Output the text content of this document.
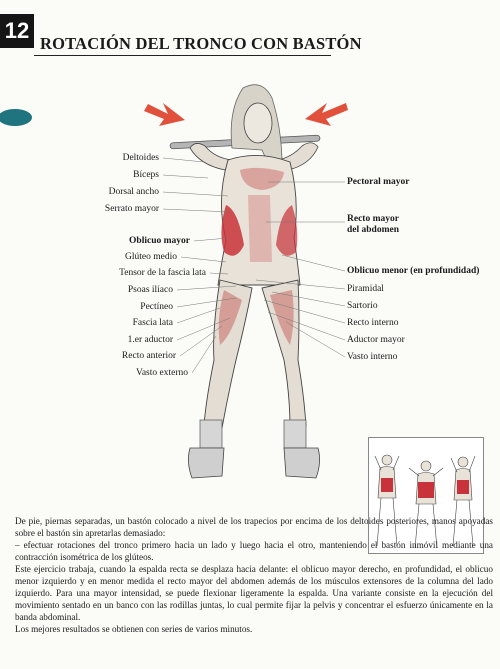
12
ROTACIÓN DEL TRONCO CON BASTÓN
Deltoides
Bíceps
Dorsal ancho
Serrato mayor
Oblicuo mayor
Glúteo medio
Tensor de la fascia lata
Psoas ilíaco
Pectíneo
Fascia lata
1.er aductor
Recto anterior
Vasto externo
Pectoral mayor
Recto mayor
del abdomen
Oblicuo menor (en profundidad)
Piramidal
Sartorio
Recto interno
Aductor mayor
Vasto interno

De pie, piernas separadas, un bastón colocado a nivel de los trapecios por encima de los deltoides posteriores, manos apoyadas sobre el bastón sin apretarlas demasiado:

– efectuar rotaciones del tronco primero hacia un lado y luego hacia el otro, manteniendo el bastón inmóvil mediante una contracción isométrica de los glúteos.

Este ejercicio trabaja, cuando la espalda recta se desplaza hacia delante: el oblicuo mayor derecho, en profundidad, el oblicuo menor izquierdo y en menor medida el recto mayor del abdomen además de los músculos extensores de la columna del lado izquierdo. Para una mayor intensidad, se puede flexionar ligeramente la espalda. Una variante consiste en la ejecución del movimiento sentado en un banco con las rodillas juntas, lo cual permite fijar la pelvis y concentrar el esfuerzo únicamente en la banda abdominal.

Los mejores resultados se obtienen con series de varios minutos.
